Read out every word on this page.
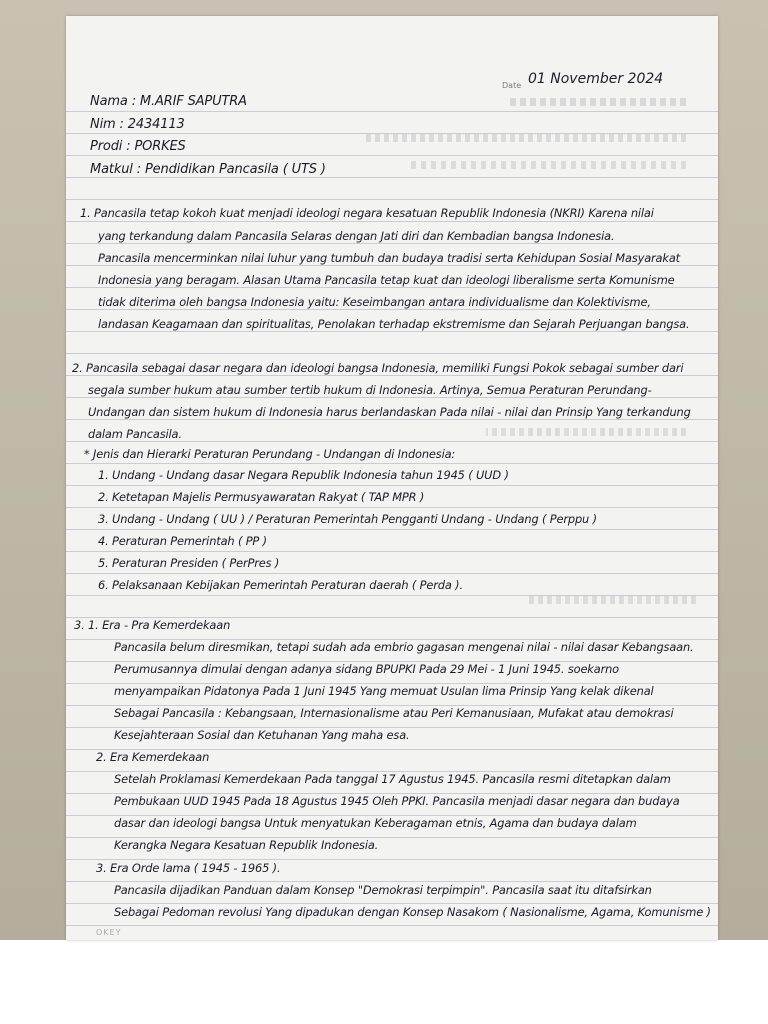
Date 01 November 2024
Nama : M.ARIF SAPUTRA
Nim : 2434113
Prodi : PORKES
Matkul : Pendidikan Pancasila ( UTS )
1. Pancasila tetap kokoh kuat menjadi ideologi negara kesatuan Republik Indonesia (NKRI) Karena nilai
yang terkandung dalam Pancasila Selaras dengan Jati diri dan Kembadian bangsa Indonesia.
Pancasila mencerminkan nilai luhur yang tumbuh dan budaya tradisi serta Kehidupan Sosial Masyarakat
Indonesia yang beragam. Alasan Utama Pancasila tetap kuat dan ideologi liberalisme serta Komunisme
tidak diterima oleh bangsa Indonesia yaitu: Keseimbangan antara individualisme dan Kolektivisme,
landasan Keagamaan dan spiritualitas, Penolakan terhadap ekstremisme dan Sejarah Perjuangan bangsa.
2. Pancasila sebagai dasar negara dan ideologi bangsa Indonesia, memiliki Fungsi Pokok sebagai sumber dari
segala sumber hukum atau sumber tertib hukum di Indonesia. Artinya, Semua Peraturan Perundang-
Undangan dan sistem hukum di Indonesia harus berlandaskan Pada nilai - nilai dan Prinsip Yang terkandung
dalam Pancasila.
* Jenis dan Hierarki Peraturan Perundang - Undangan di Indonesia:
1. Undang - Undang dasar Negara Republik Indonesia tahun 1945 ( UUD )
2. Ketetapan Majelis Permusyawaratan Rakyat ( TAP MPR )
3. Undang - Undang ( UU ) / Peraturan Pemerintah Pengganti Undang - Undang ( Perppu )
4. Peraturan Pemerintah ( PP )
5. Peraturan Presiden ( PerPres )
6. Pelaksanaan Kebijakan Pemerintah Peraturan daerah ( Perda ).
3. 1. Era - Pra Kemerdekaan
Pancasila belum diresmikan, tetapi sudah ada embrio gagasan mengenai nilai - nilai dasar Kebangsaan.
Perumusannya dimulai dengan adanya sidang BPUPKI Pada 29 Mei - 1 Juni 1945. soekarno
menyampaikan Pidatonya Pada 1 Juni 1945 Yang memuat Usulan lima Prinsip Yang kelak dikenal
Sebagai Pancasila : Kebangsaan, Internasionalisme atau Peri Kemanusiaan, Mufakat atau demokrasi
Kesejahteraan Sosial dan Ketuhanan Yang maha esa.
2. Era Kemerdekaan
Setelah Proklamasi Kemerdekaan Pada tanggal 17 Agustus 1945. Pancasila resmi ditetapkan dalam
Pembukaan UUD 1945 Pada 18 Agustus 1945 Oleh PPKI. Pancasila menjadi dasar negara dan budaya
dasar dan ideologi bangsa Untuk menyatukan Keberagaman etnis, Agama dan budaya dalam
Kerangka Negara Kesatuan Republik Indonesia.
3. Era Orde lama ( 1945 - 1965 ).
Pancasila dijadikan Panduan dalam Konsep "Demokrasi terpimpin". Pancasila saat itu ditafsirkan
Sebagai Pedoman revolusi Yang dipadukan dengan Konsep Nasakom ( Nasionalisme, Agama, Komunisme )
OKEY
